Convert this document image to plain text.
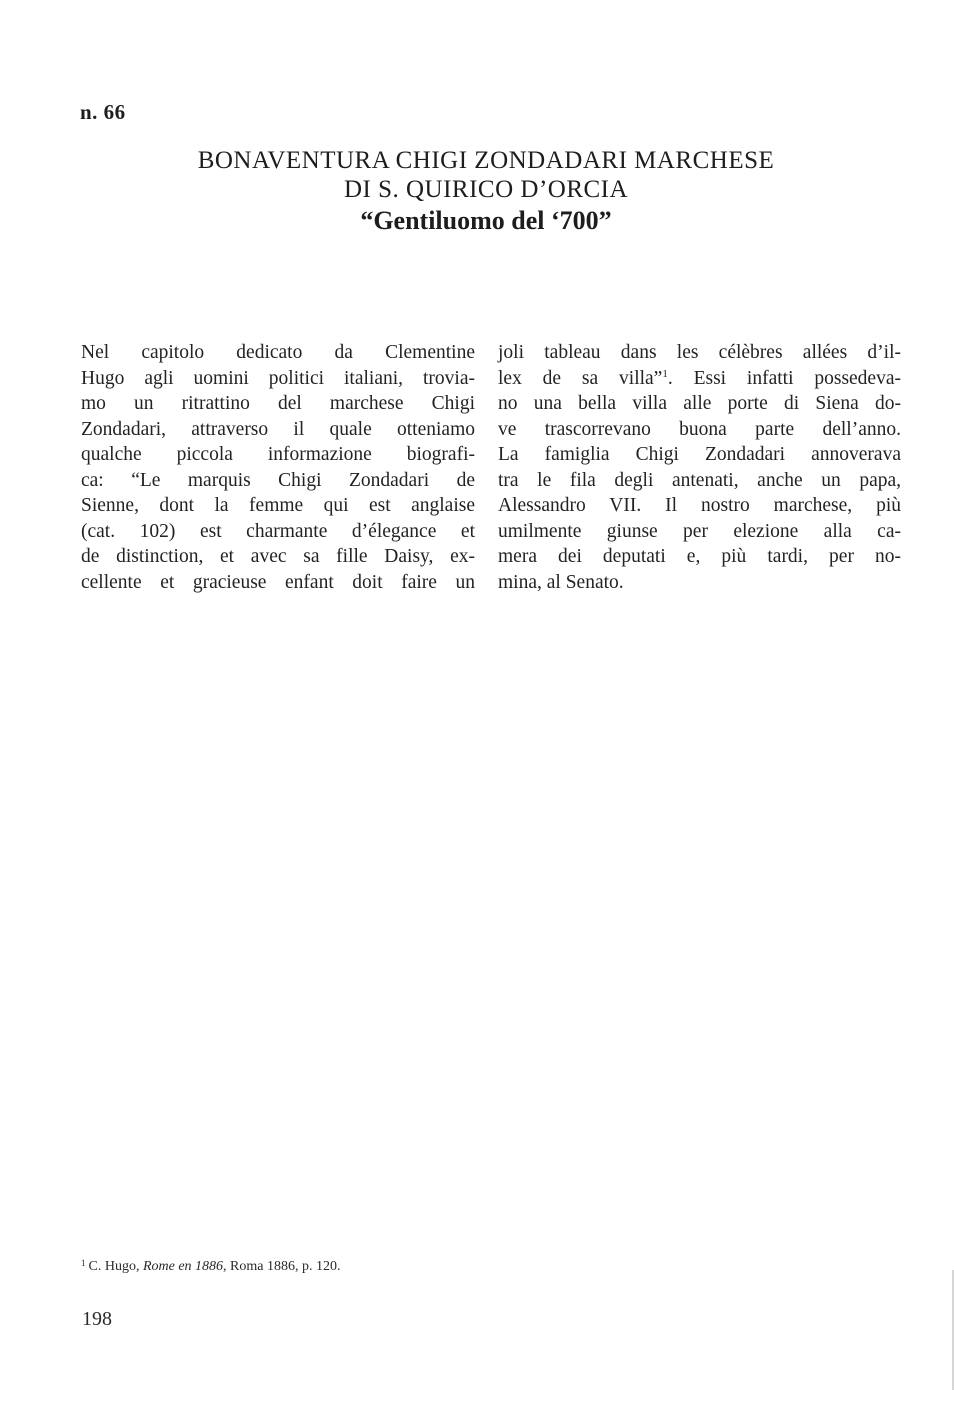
n. 66
BONAVENTURA CHIGI ZONDADARI MARCHESE
DI S. QUIRICO D’ORCIA
“Gentiluomo del ‘700”
Nel capitolo dedicato da Clementine
Hugo agli uomini politici italiani, trovia-
mo un ritrattino del marchese Chigi
Zondadari, attraverso il quale otteniamo
qualche piccola informazione biografi-
ca: “Le marquis Chigi Zondadari de
Sienne, dont la femme qui est anglaise
(cat. 102) est charmante d’élegance et
de distinction, et avec sa fille Daisy, ex-
cellente et gracieuse enfant doit faire un
joli tableau dans les célèbres allées d’il-
lex de sa villa”$^1$. Essi infatti possedeva-
no una bella villa alle porte di Siena do-
ve trascorrevano buona parte dell’anno.
La famiglia Chigi Zondadari annoverava
tra le fila degli antenati, anche un papa,
Alessandro VII. Il nostro marchese, più
umilmente giunse per elezione alla ca-
mera dei deputati e, più tardi, per no-
mina, al Senato.
$^1$ C. Hugo, Rome en 1886, Roma 1886, p. 120.
198
